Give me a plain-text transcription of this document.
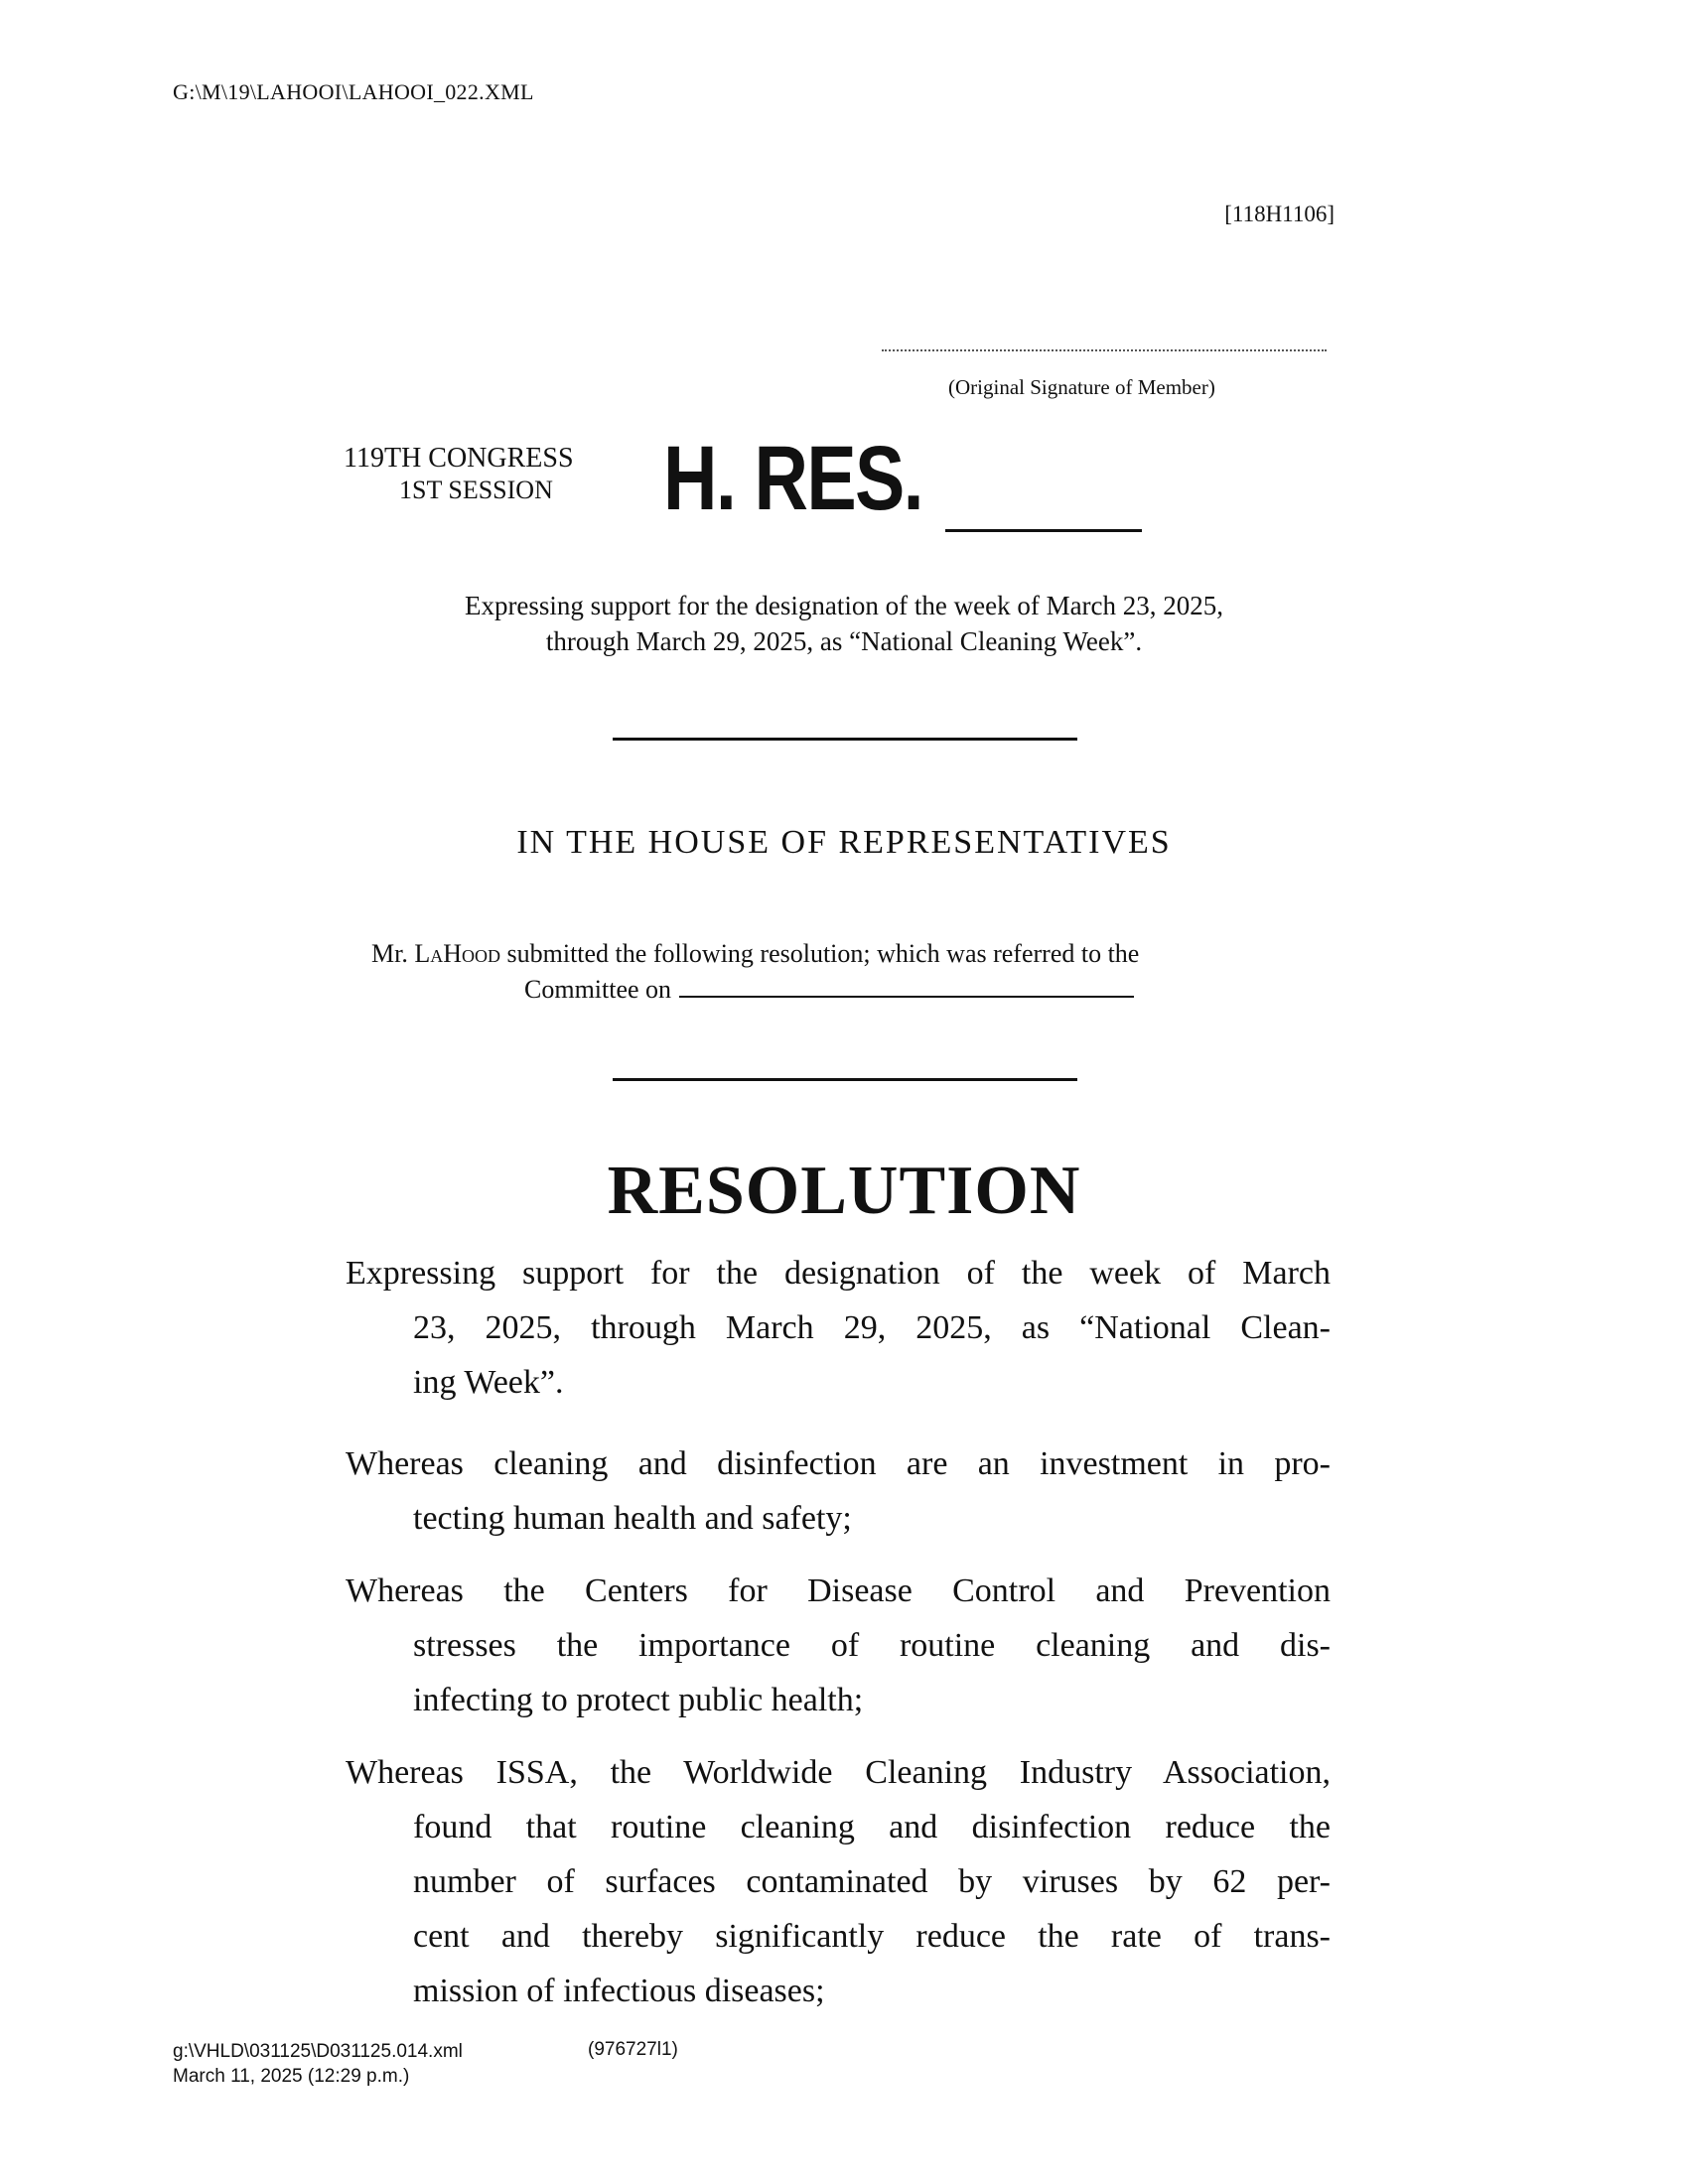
G:\M\19\LAHOOI\LAHOOI_022.XML
[118H1106]
(Original Signature of Member)
119TH CONGRESS
1ST SESSION	H. RES.
Expressing support for the designation of the week of March 23, 2025,
through March 29, 2025, as “National Cleaning Week”.
IN THE HOUSE OF REPRESENTATIVES
Mr. LaHood submitted the following resolution; which was referred to the
Committee on
RESOLUTION
Expressing support for the designation of the week of March
23, 2025, through March 29, 2025, as “National Clean-
ing Week”.
Whereas cleaning and disinfection are an investment in pro-
tecting human health and safety;
Whereas the Centers for Disease Control and Prevention
stresses the importance of routine cleaning and dis-
infecting to protect public health;
Whereas ISSA, the Worldwide Cleaning Industry Association,
found that routine cleaning and disinfection reduce the
number of surfaces contaminated by viruses by 62 per-
cent and thereby significantly reduce the rate of trans-
mission of infectious diseases;
g:\VHLD\031125\D031125.014.xml
March 11, 2025 (12:29 p.m.)
(976727l1)
